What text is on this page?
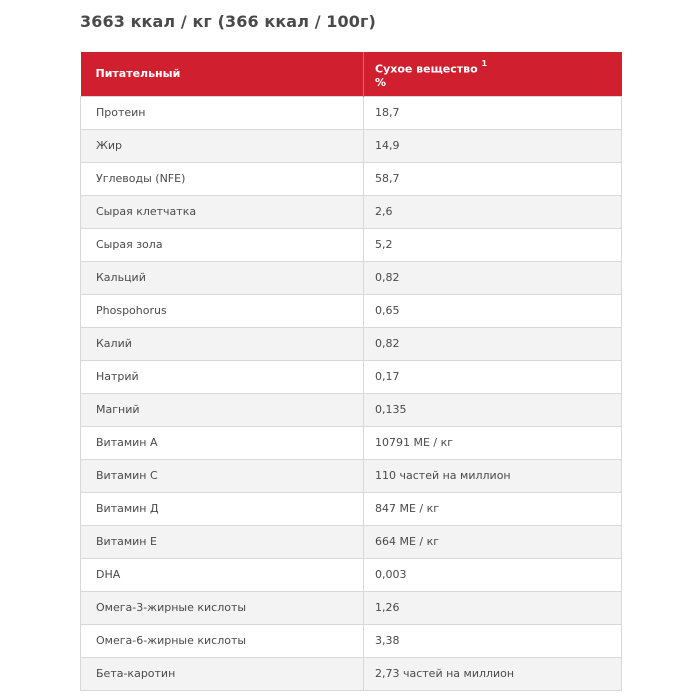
3663 ккал / кг (366 ккал / 100г)
Питательный	Сухое вещество $^1$
%
Протеин	18,7
Жир	14,9
Углеводы (NFE)	58,7
Сырая клетчатка	2,6
Сырая зола	5,2
Кальций	0,82
Phospohorus	0,65
Калий	0,82
Натрий	0,17
Магний	0,135
Витамин А	10791 МЕ / кг
Витамин С	110 частей на миллион
Витамин Д	847 МЕ / кг
Витамин Е	664 МЕ / кг
DHA	0,003
Омега-3-жирные кислоты	1,26
Омега-6-жирные кислоты	3,38
Бета-каротин	2,73 частей на миллион
